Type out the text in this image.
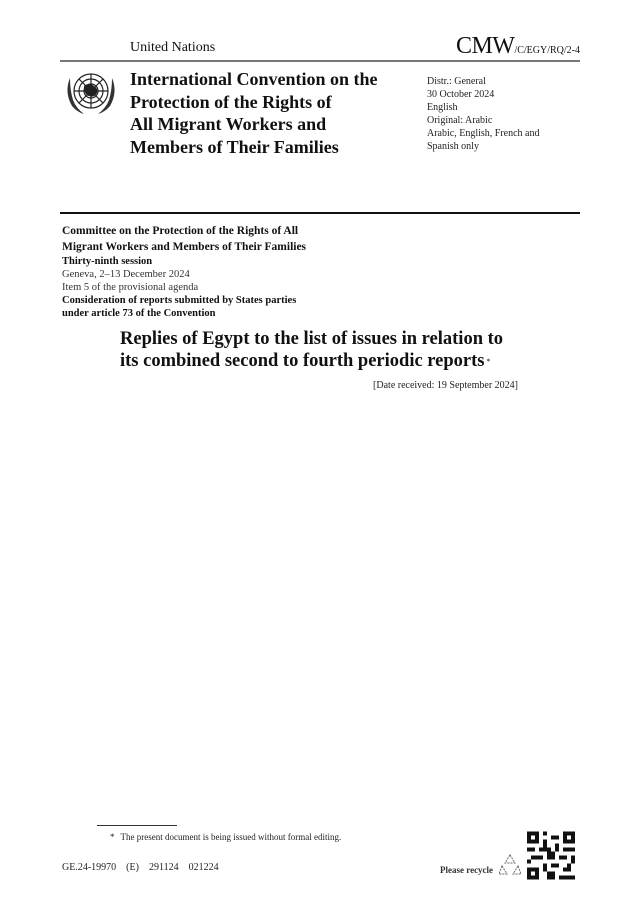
United Nations	CMW/C/EGY/RQ/2-4
International Convention on the
Protection of the Rights of
All Migrant Workers and
Members of Their Families
Distr.: General
30 October 2024
English
Original: Arabic
Arabic, English, French and
Spanish only
Committee on the Protection of the Rights of All
Migrant Workers and Members of Their Families
Thirty-ninth session
Geneva, 2–13 December 2024
Item 5 of the provisional agenda
Consideration of reports submitted by States parties
under article 73 of the Convention
Replies of Egypt to the list of issues in relation to
its combined second to fourth periodic reports *
[Date received: 19 September 2024]
* The present document is being issued without formal editing.
GE.24-19970 (E) 291124 021224	Please recycle
